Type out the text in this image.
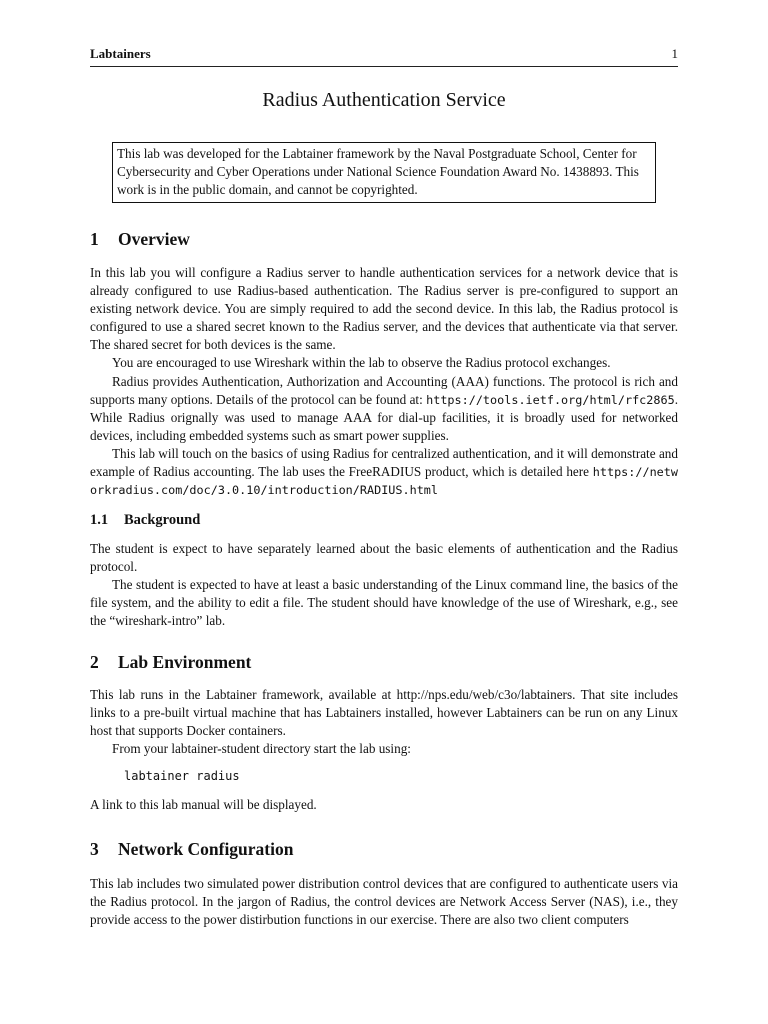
Labtainers	1
Radius Authentication Service
This lab was developed for the Labtainer framework by the Naval Postgraduate School, Center for Cybersecurity and Cyber Operations under National Science Foundation Award No. 1438893. This work is in the public domain, and cannot be copyrighted.
1 Overview

In this lab you will configure a Radius server to handle authentication services for a network device that is already configured to use Radius-based authentication. The Radius server is pre-configured to support an existing network device. You are simply required to add the second device. In this lab, the Radius protocol is configured to use a shared secret known to the Radius server, and the devices that authenticate via that server. The shared secret for both devices is the same.

You are encouraged to use Wireshark within the lab to observe the Radius protocol exchanges.

Radius provides Authentication, Authorization and Accounting (AAA) functions. The protocol is rich and supports many options. Details of the protocol can be found at: https://tools.ietf.org/html/rfc2865. While Radius orignally was used to manage AAA for dial-up facilities, it is broadly used for networked devices, including embedded systems such as smart power supplies.

This lab will touch on the basics of using Radius for centralized authentication, and it will demonstrate and example of Radius accounting. The lab uses the FreeRADIUS product, which is detailed here https://networkradius.com/doc/3.0.10/introduction/RADIUS.html

1.1 Background

The student is expect to have separately learned about the basic elements of authentication and the Radius protocol.

The student is expected to have at least a basic understanding of the Linux command line, the basics of the file system, and the ability to edit a file. The student should have knowledge of the use of Wireshark, e.g., see the “wireshark-intro” lab.

2 Lab Environment

This lab runs in the Labtainer framework, available at http://nps.edu/web/c3o/labtainers. That site includes links to a pre-built virtual machine that has Labtainers installed, however Labtainers can be run on any Linux host that supports Docker containers.

From your labtainer-student directory start the lab using:

labtainer radius

A link to this lab manual will be displayed.

3 Network Configuration

This lab includes two simulated power distribution control devices that are configured to authenticate users via the Radius protocol. In the jargon of Radius, the control devices are Network Access Server (NAS), i.e., they provide access to the power distirbution functions in our exercise. There are also two client computers
